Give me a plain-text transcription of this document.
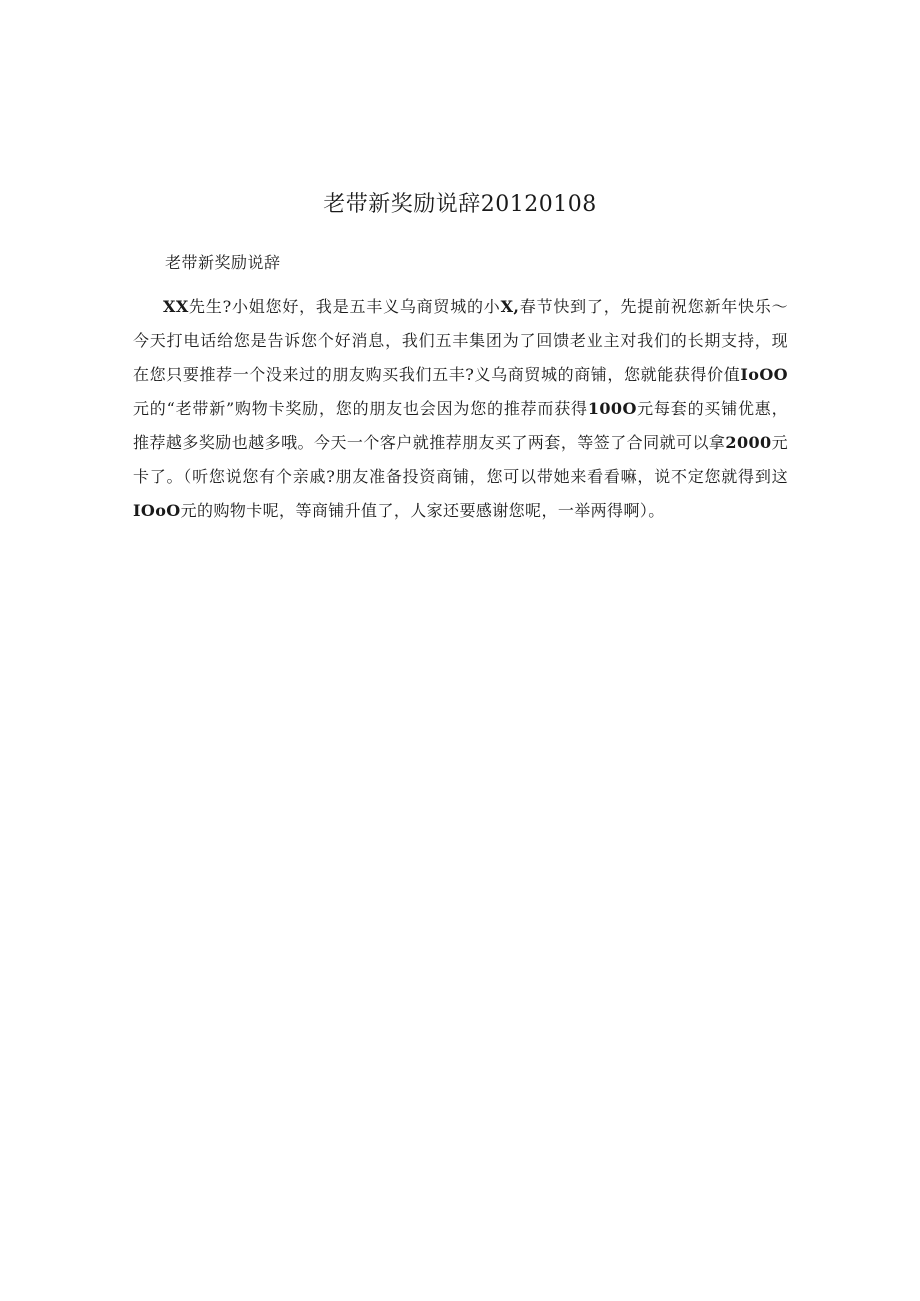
老带新奖励说辞20120108
老带新奖励说辞

XX先生?小姐您好，我是五丰义乌商贸城的小X,春节快到了，先提前祝您新年快乐～今天打电话给您是告诉您个好消息，我们五丰集团为了回馈老业主对我们的长期支持，现在您只要推荐一个没来过的朋友购买我们五丰?义乌商贸城的商铺，您就能获得价值IoOO元的“老带新”购物卡奖励，您的朋友也会因为您的推荐而获得100O元每套的买铺优惠，推荐越多奖励也越多哦。今天一个客户就推荐朋友买了两套，等签了合同就可以拿2000元卡了。（听您说您有个亲戚?朋友准备投资商铺，您可以带她来看看嘛，说不定您就得到这IOoO元的购物卡呢，等商铺升值了，人家还要感谢您呢，一举两得啊）。
